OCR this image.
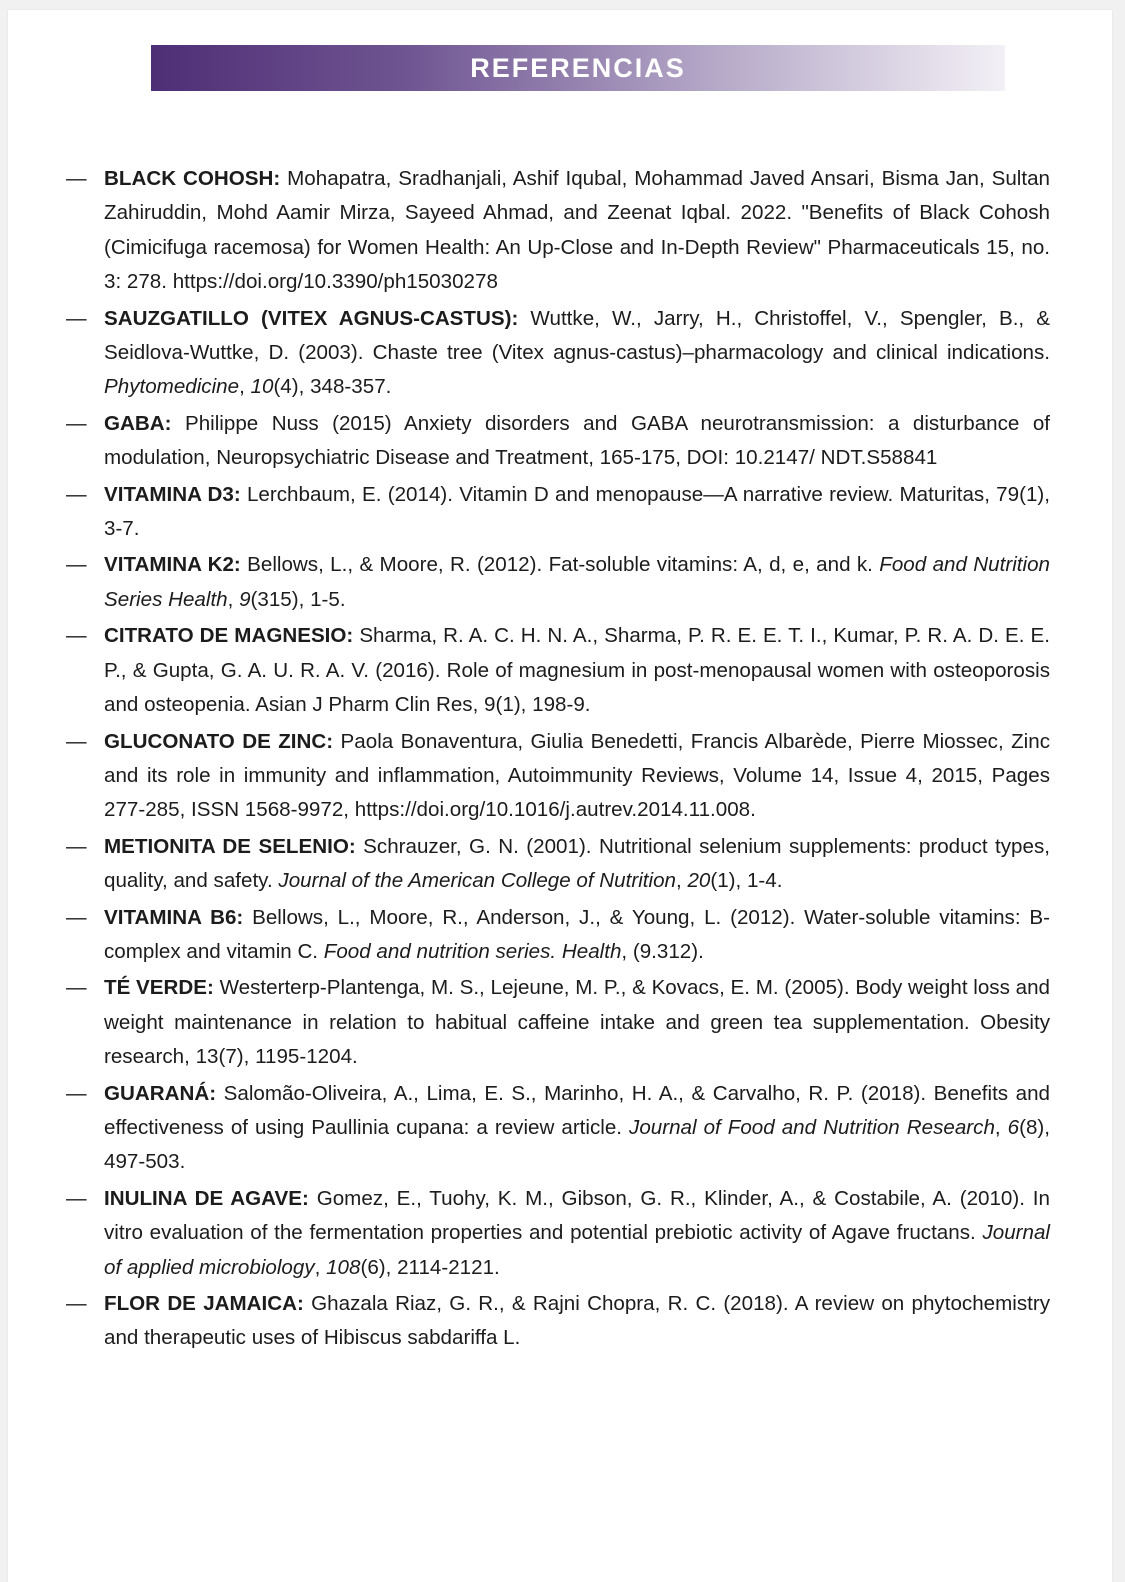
REFERENCIAS
— BLACK COHOSH: Mohapatra, Sradhanjali, Ashif Iqubal, Mohammad Javed Ansari, Bisma Jan, Sultan Zahiruddin, Mohd Aamir Mirza, Sayeed Ahmad, and Zeenat Iqbal. 2022. "Benefits of Black Cohosh (Cimicifuga racemosa) for Women Health: An Up-Close and In-Depth Review" Pharmaceuticals 15, no. 3: 278. https://doi.org/10.3390/ph15030278
— SAUZGATILLO (VITEX AGNUS-CASTUS): Wuttke, W., Jarry, H., Christoffel, V., Spengler, B., & Seidlova-Wuttke, D. (2003). Chaste tree (Vitex agnus-castus)–pharmacology and clinical indications. Phytomedicine, 10(4), 348-357.
— GABA: Philippe Nuss (2015) Anxiety disorders and GABA neurotransmission: a disturbance of modulation, Neuropsychiatric Disease and Treatment, 165-175, DOI: 10.2147/ NDT.S58841
— VITAMINA D3: Lerchbaum, E. (2014). Vitamin D and menopause—A narrative review. Maturitas, 79(1), 3-7.
— VITAMINA K2: Bellows, L., & Moore, R. (2012). Fat-soluble vitamins: A, d, e, and k. Food and Nutrition Series Health, 9(315), 1-5.
— CITRATO DE MAGNESIO: Sharma, R. A. C. H. N. A., Sharma, P. R. E. E. T. I., Kumar, P. R. A. D. E. E. P., & Gupta, G. A. U. R. A. V. (2016). Role of magnesium in post-menopausal women with osteoporosis and osteopenia. Asian J Pharm Clin Res, 9(1), 198-9.
— GLUCONATO DE ZINC: Paola Bonaventura, Giulia Benedetti, Francis Albarède, Pierre Miossec, Zinc and its role in immunity and inflammation, Autoimmunity Reviews, Volume 14, Issue 4, 2015, Pages 277-285, ISSN 1568-9972, https://doi.org/10.1016/j.autrev.2014.11.008.
— METIONITA DE SELENIO: Schrauzer, G. N. (2001). Nutritional selenium supplements: product types, quality, and safety. Journal of the American College of Nutrition, 20(1), 1-4.
— VITAMINA B6: Bellows, L., Moore, R., Anderson, J., & Young, L. (2012). Water-soluble vitamins: B-complex and vitamin C. Food and nutrition series. Health, (9.312).
— TÉ VERDE: Westerterp-Plantenga, M. S., Lejeune, M. P., & Kovacs, E. M. (2005). Body weight loss and weight maintenance in relation to habitual caffeine intake and green tea supplementation. Obesity research, 13(7), 1195-1204.
— GUARANÁ: Salomão-Oliveira, A., Lima, E. S., Marinho, H. A., & Carvalho, R. P. (2018). Benefits and effectiveness of using Paullinia cupana: a review article. Journal of Food and Nutrition Research, 6(8), 497-503.
— INULINA DE AGAVE: Gomez, E., Tuohy, K. M., Gibson, G. R., Klinder, A., & Costabile, A. (2010). In vitro evaluation of the fermentation properties and potential prebiotic activity of Agave fructans. Journal of applied microbiology, 108(6), 2114-2121.
— FLOR DE JAMAICA: Ghazala Riaz, G. R., & Rajni Chopra, R. C. (2018). A review on phytochemistry and therapeutic uses of Hibiscus sabdariffa L.
